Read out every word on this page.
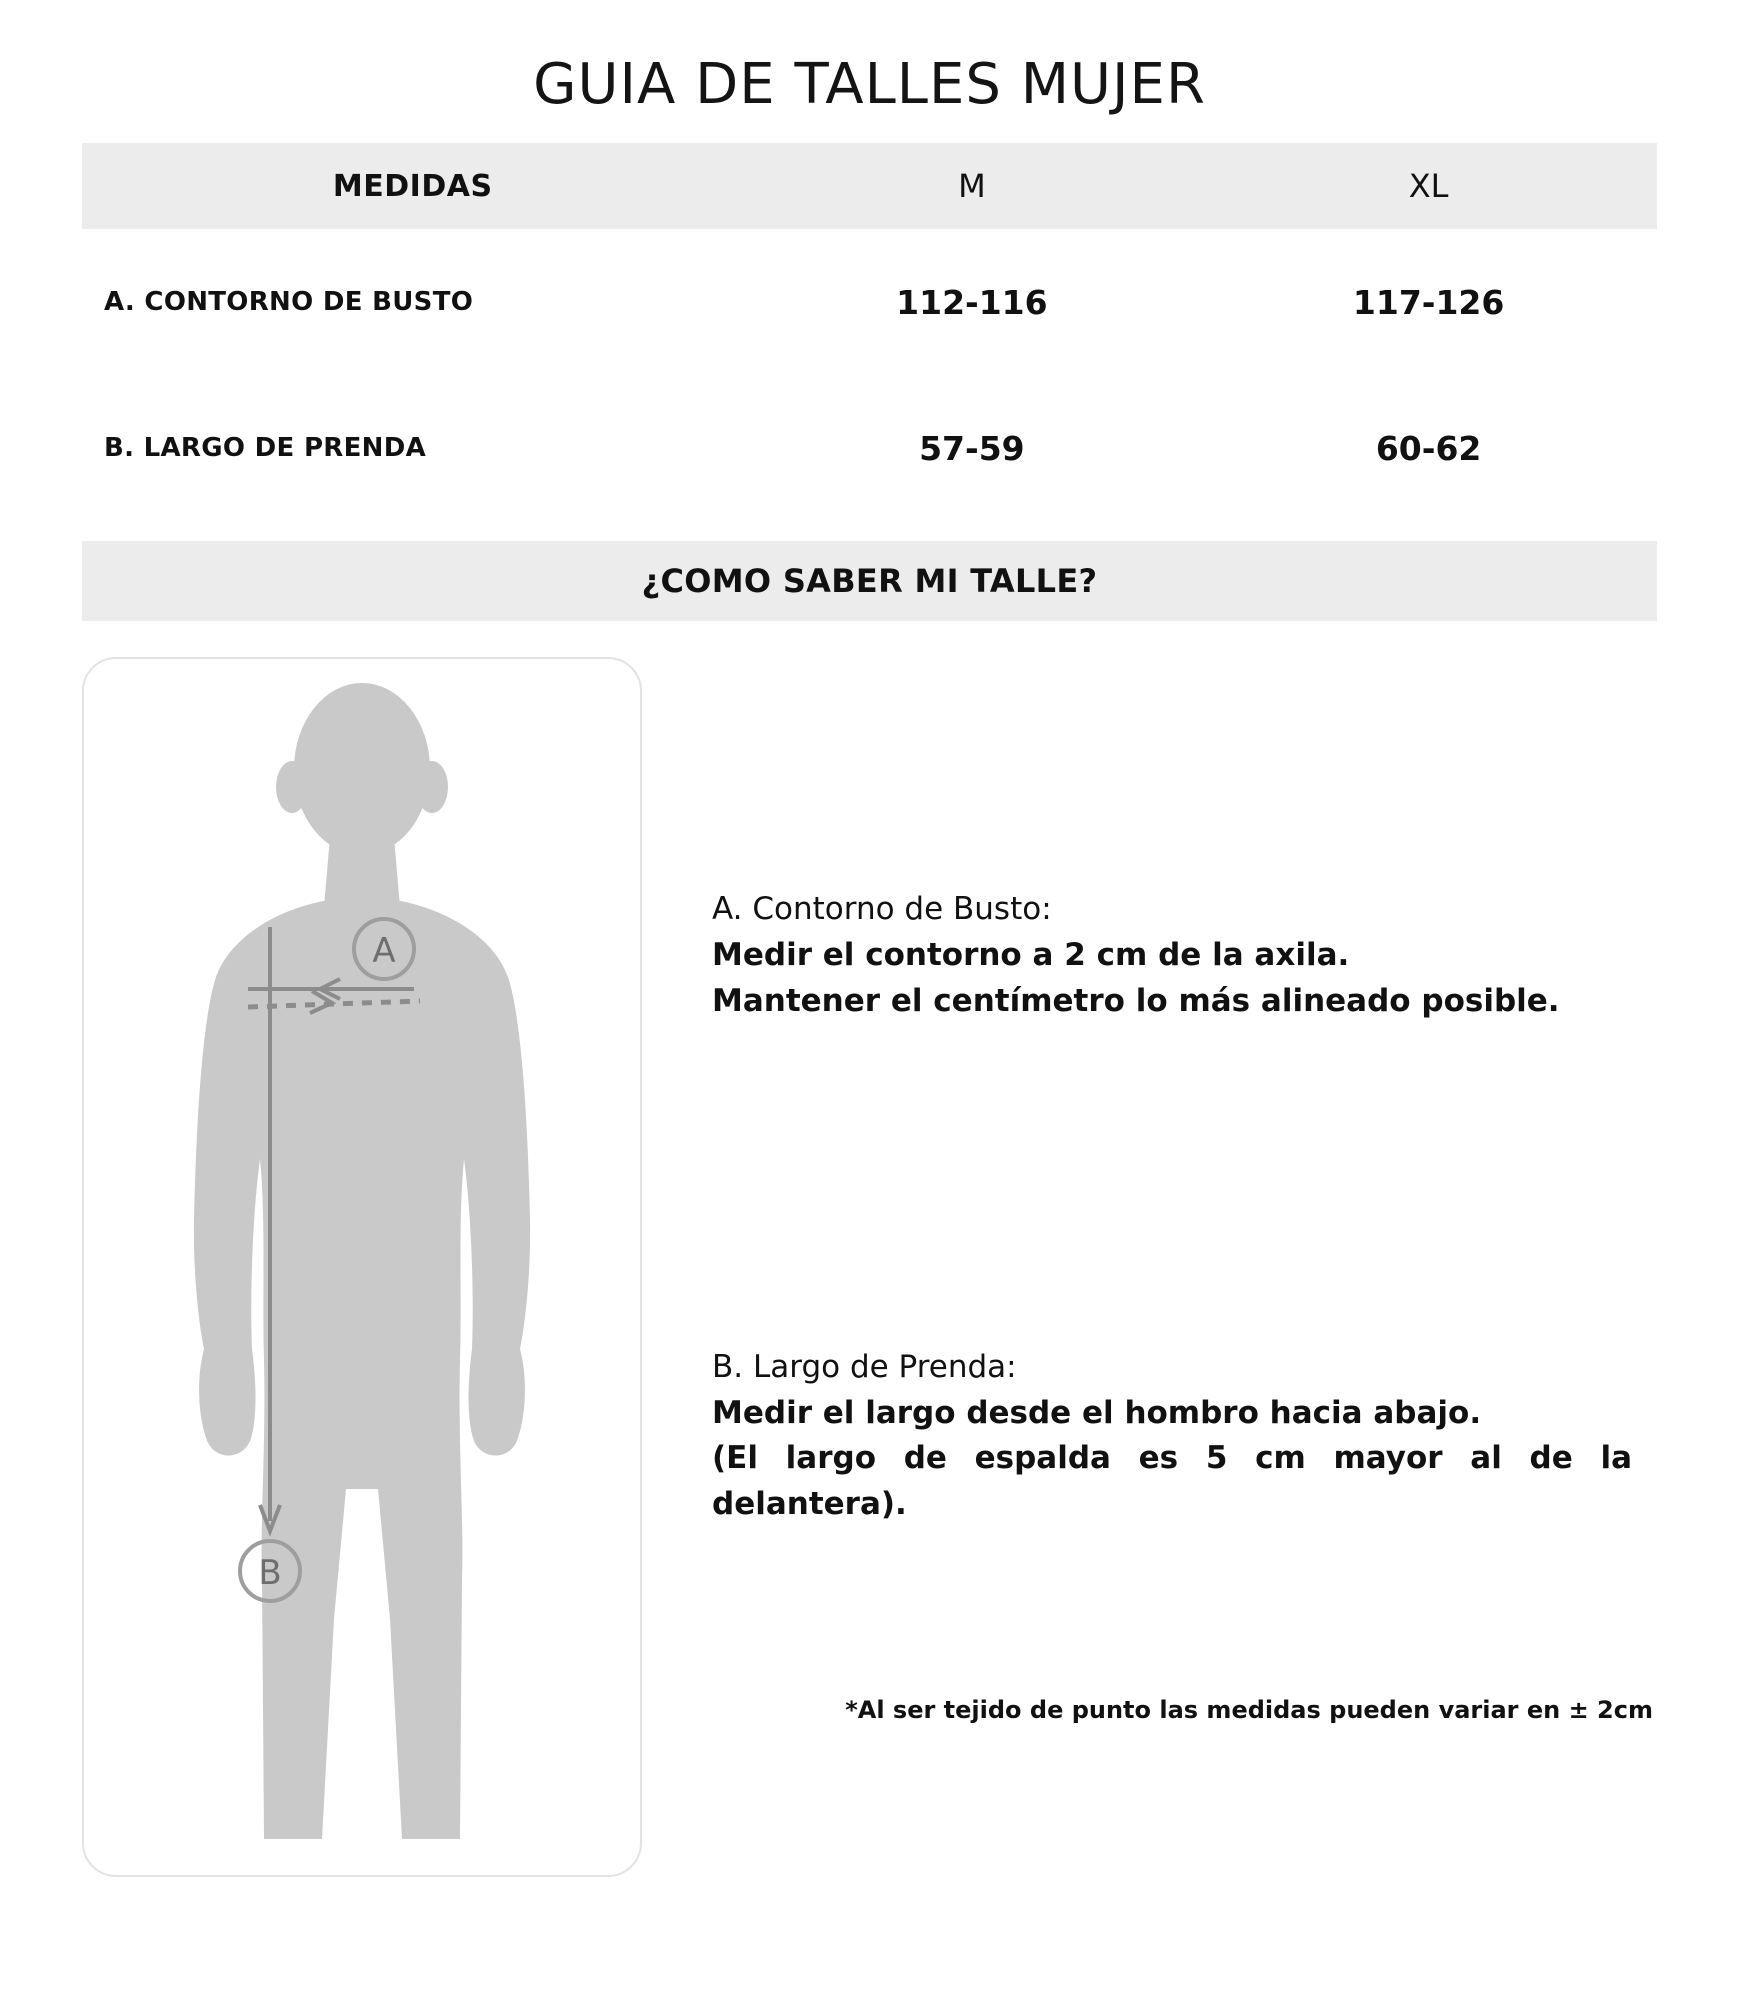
GUIA DE TALLES MUJER
MEDIDAS	M	XL
A. CONTORNO DE BUSTO	112-116	117-126
B. LARGO DE PRENDA	57-59	60-62
¿COMO SABER MI TALLE?
A
B
A. Contorno de Busto:
Medir el contorno a 2 cm de la axila.
Mantener el centímetro lo más alineado posible.
B. Largo de Prenda:
Medir el largo desde el hombro hacia abajo.
(El largo de espalda es 5 cm mayor al de la delantera).
*Al ser tejido de punto las medidas pueden variar en ± 2cm
